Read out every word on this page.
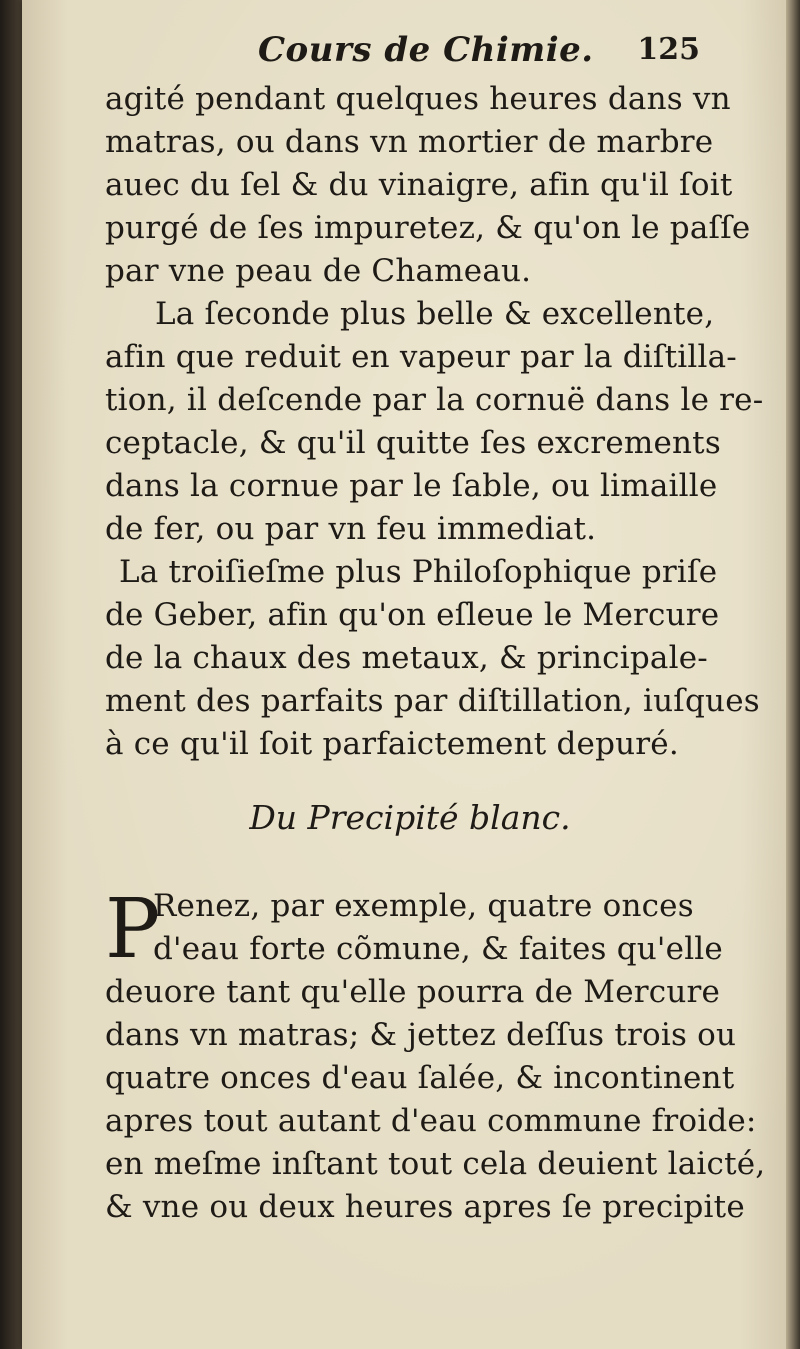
Cours de Chimie. 125
agité pendant quelques heures dans vn
matras, ou dans vn mortier de marbre
auec du ſel & du vinaigre, afin qu'il ſoit
purgé de ſes impuretez, & qu'on le paſſe
par vne peau de Chameau.
La ſeconde plus belle & excellente,
afin que reduit en vapeur par la diſtilla-
tion, il deſcende par la cornuë dans le re-
ceptacle, & qu'il quitte ſes excrements
dans la cornue par le ſable, ou limaille
de fer, ou par vn feu immediat.
La troiſieſme plus Philoſophique priſe
de Geber, afin qu'on eſleue le Mercure
de la chaux des metaux, & principale-
ment des parfaits par diſtillation, iuſques
à ce qu'il ſoit parfaictement depuré.
Du Precipité blanc.
P
Renez, par exemple, quatre onces
d'eau forte cõmune, & faites qu'elle
deuore tant qu'elle pourra de Mercure
dans vn matras; & jettez deſſus trois ou
quatre onces d'eau ſalée, & incontinent
apres tout autant d'eau commune froide:
en meſme inſtant tout cela deuient laicté,
& vne ou deux heures apres ſe precipite
